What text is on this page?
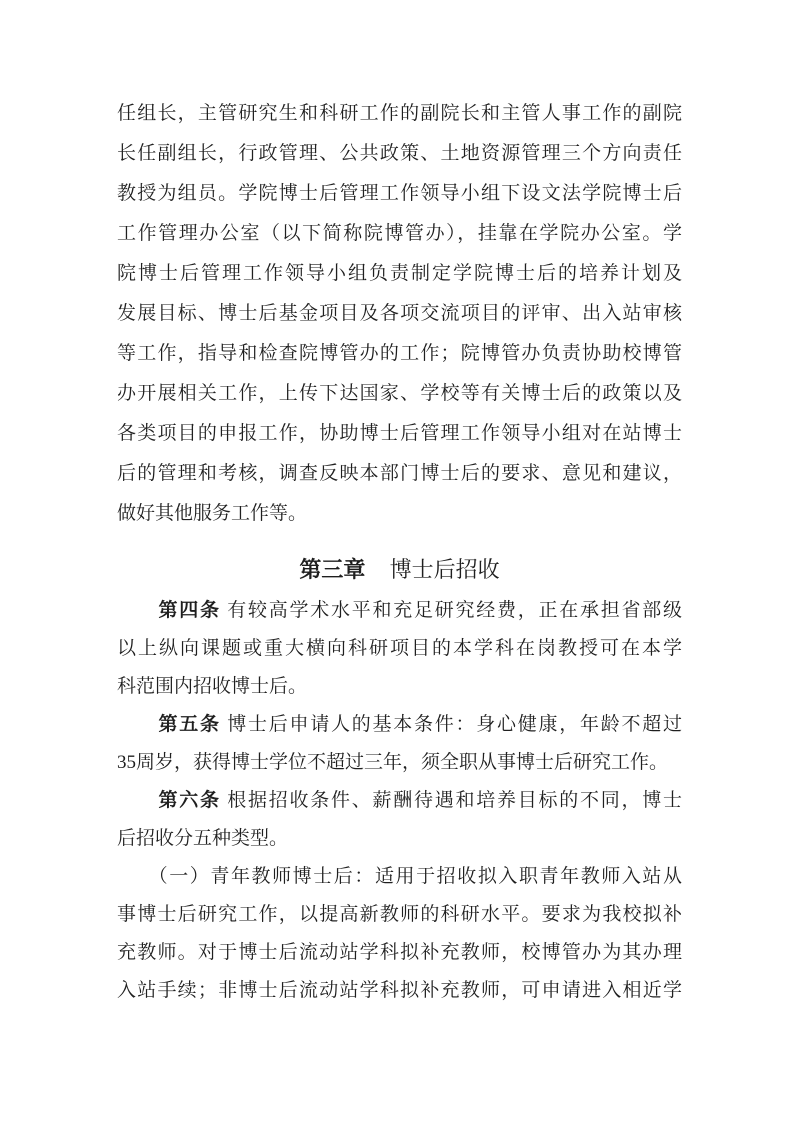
任组长，主管研究生和科研工作的副院长和主管人事工作的副院
长任副组长，行政管理、公共政策、土地资源管理三个方向责任
教授为组员。学院博士后管理工作领导小组下设文法学院博士后
工作管理办公室（以下简称院博管办），挂靠在学院办公室。学
院博士后管理工作领导小组负责制定学院博士后的培养计划及
发展目标、博士后基金项目及各项交流项目的评审、出入站审核
等工作，指导和检查院博管办的工作；院博管办负责协助校博管
办开展相关工作，上传下达国家、学校等有关博士后的政策以及
各类项目的申报工作，协助博士后管理工作领导小组对在站博士
后的管理和考核，调查反映本部门博士后的要求、意见和建议，
做好其他服务工作等。
第三章 博士后招收
　　第四条 有较高学术水平和充足研究经费，正在承担省部级
以上纵向课题或重大横向科研项目的本学科在岗教授可在本学
科范围内招收博士后。
　　第五条 博士后申请人的基本条件：身心健康，年龄不超过
35周岁，获得博士学位不超过三年，须全职从事博士后研究工作。
　　第六条 根据招收条件、薪酬待遇和培养目标的不同，博士
后招收分五种类型。
　　（一）青年教师博士后：适用于招收拟入职青年教师入站从
事博士后研究工作，以提高新教师的科研水平。要求为我校拟补
充教师。对于博士后流动站学科拟补充教师，校博管办为其办理
入站手续；非博士后流动站学科拟补充教师，可申请进入相近学
